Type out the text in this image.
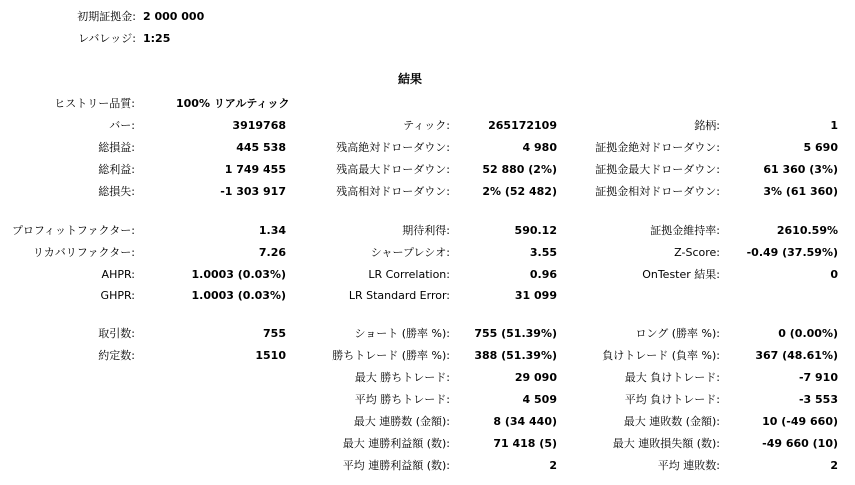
初期証拠金: 2 000 000
レバレッジ: 1:25
結果
ヒストリー品質:	100% リアルティック
バー:
総損益:
総利益:
総損失:
プロフィットファクター:
リカバリファクター:
AHPR:
GHPR:
取引数:
約定数:
3919768
445 538
1 749 455
-1 303 917
1.34
7.26
1.0003 (0.03%)
1.0003 (0.03%)
755
1510
ティック:
残高絶対ドローダウン:
残高最大ドローダウン:
残高相対ドローダウン:
期待利得:
シャープレシオ:
LR Correlation:
LR Standard Error:
ショート (勝率 %):
勝ちトレード (勝率 %):
最大 勝ちトレード:
平均 勝ちトレード:
最大 連勝数 (金額):
最大 連勝利益額 (数):
平均 連勝利益額 (数):
265172109
4 980
52 880 (2%)
2% (52 482)
590.12
3.55
0.96
31 099
755 (51.39%)
388 (51.39%)
29 090
4 509
8 (34 440)
71 418 (5)
2
銘柄:
証拠金絶対ドローダウン:
証拠金最大ドローダウン:
証拠金相対ドローダウン:
証拠金維持率:
Z-Score:
OnTester 結果:
ロング (勝率 %):
負けトレード (負率 %):
最大 負けトレード:
平均 負けトレード:
最大 連敗数 (金額):
最大 連敗損失額 (数):
平均 連敗数:
1
5 690
61 360 (3%)
3% (61 360)
2610.59%
-0.49 (37.59%)
0
0 (0.00%)
367 (48.61%)
-7 910
-3 553
10 (-49 660)
-49 660 (10)
2
